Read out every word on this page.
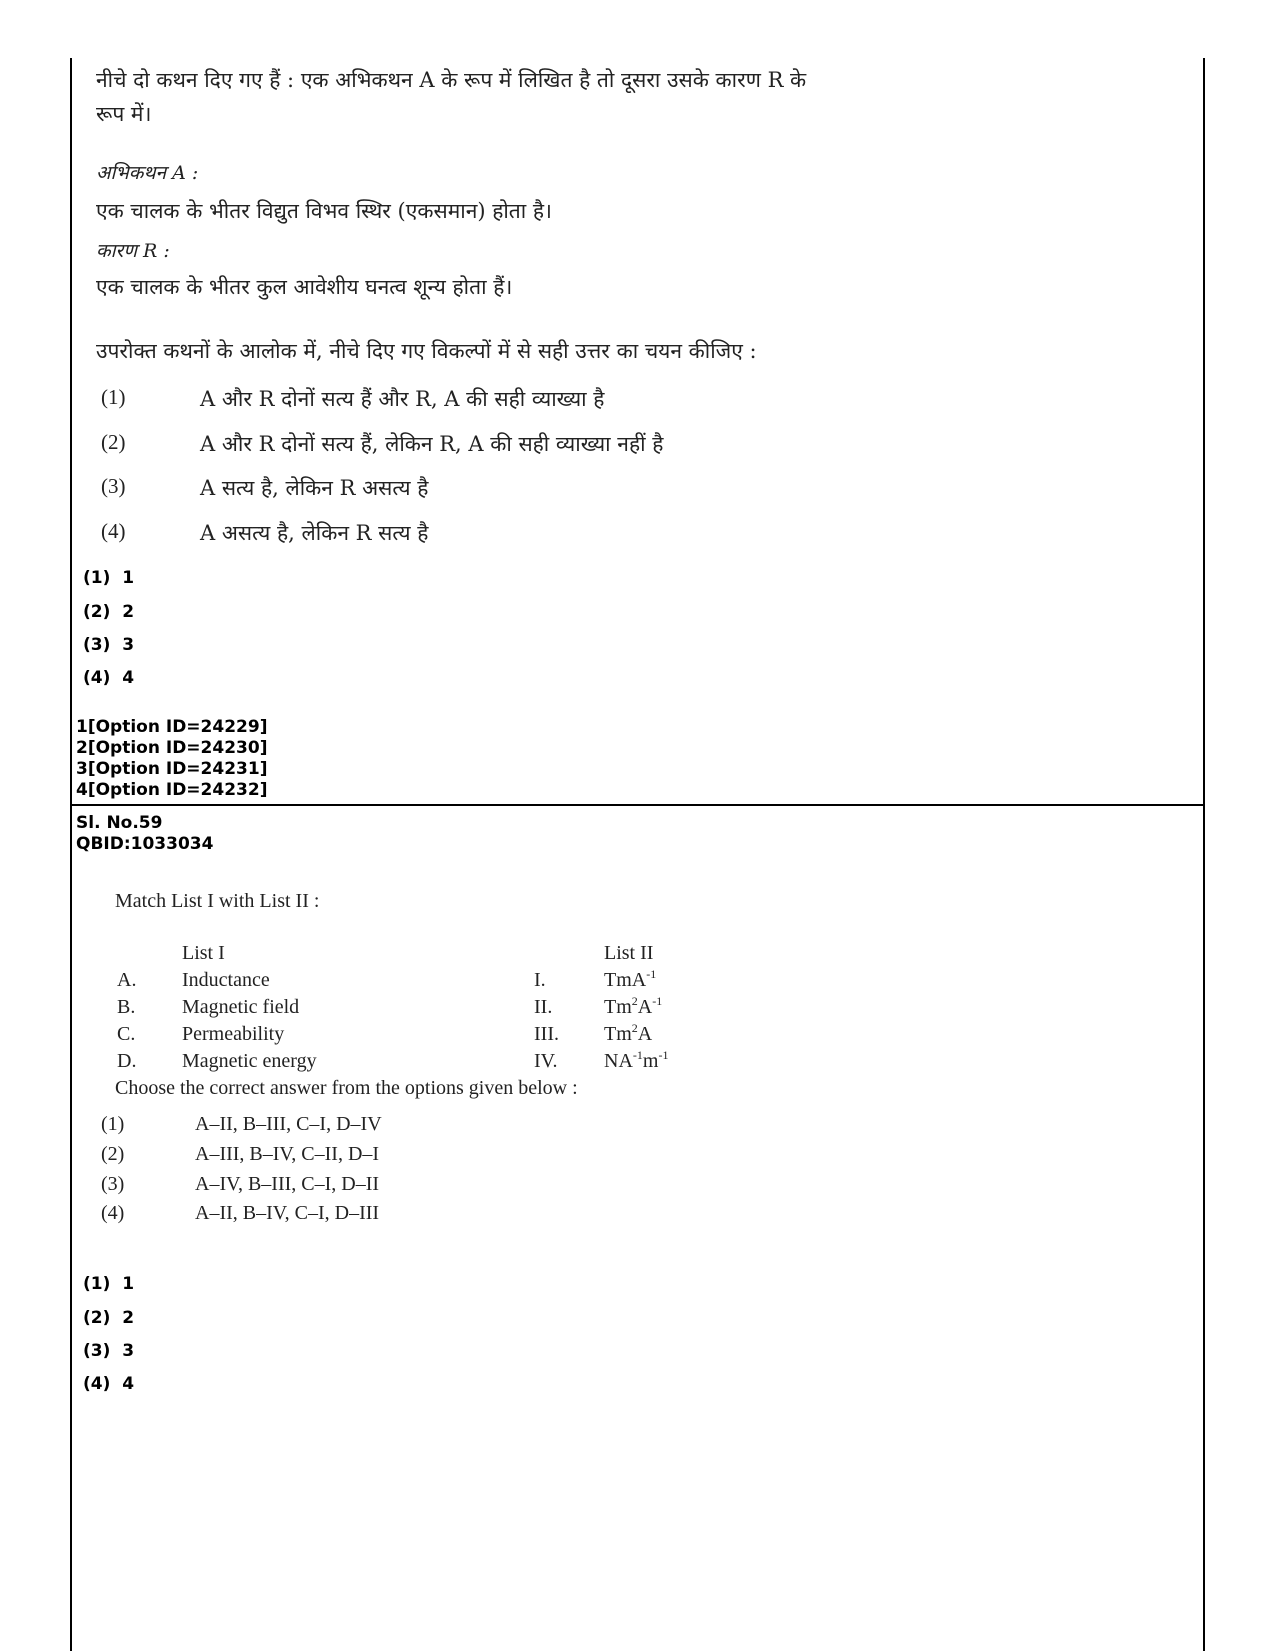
नीचे दो कथन दिए गए हैं : एक अभिकथन A के रूप में लिखित है तो दूसरा उसके कारण R के
रूप में।
अभिकथन A :
एक चालक के भीतर विद्युत विभव स्थिर (एकसमान) होता है।
कारण R :
एक चालक के भीतर कुल आवेशीय घनत्व शून्य होता हैं।
उपरोक्त कथनों के आलोक में, नीचे दिए गए विकल्पों में से सही उत्तर का चयन कीजिए :
(1)	A और R दोनों सत्य हैं और R, A की सही व्याख्या है
(2)	A और R दोनों सत्य हैं, लेकिन R, A की सही व्याख्या नहीं है
(3)	A सत्य है, लेकिन R असत्य है
(4)	A असत्य है, लेकिन R सत्य है
(1)  1
(2)  2
(3)  3
(4)  4
1[Option ID=24229]
2[Option ID=24230]
3[Option ID=24231]
4[Option ID=24232]
Sl. No.59
QBID:1033034
Match List I with List II :
List I	List II
A. Inductance	I.	TmA$^{-1}$
B. Magnetic field	II.	$Tm^2A^{-1}$
C. Permeability	III. Tm$^2$A
D. Magnetic energy	IV. $NA^{-1}m^{-1}$
Choose the correct answer from the options given below :
(1)	A–II, B–III, C–I, D–IV
(2)	A–III, B–IV, C–II, D–I
(3)	A–IV, B–III, C–I, D–II
(4)	A–II, B–IV, C–I, D–III
(1)  1
(2)  2
(3)  3
(4)  4
